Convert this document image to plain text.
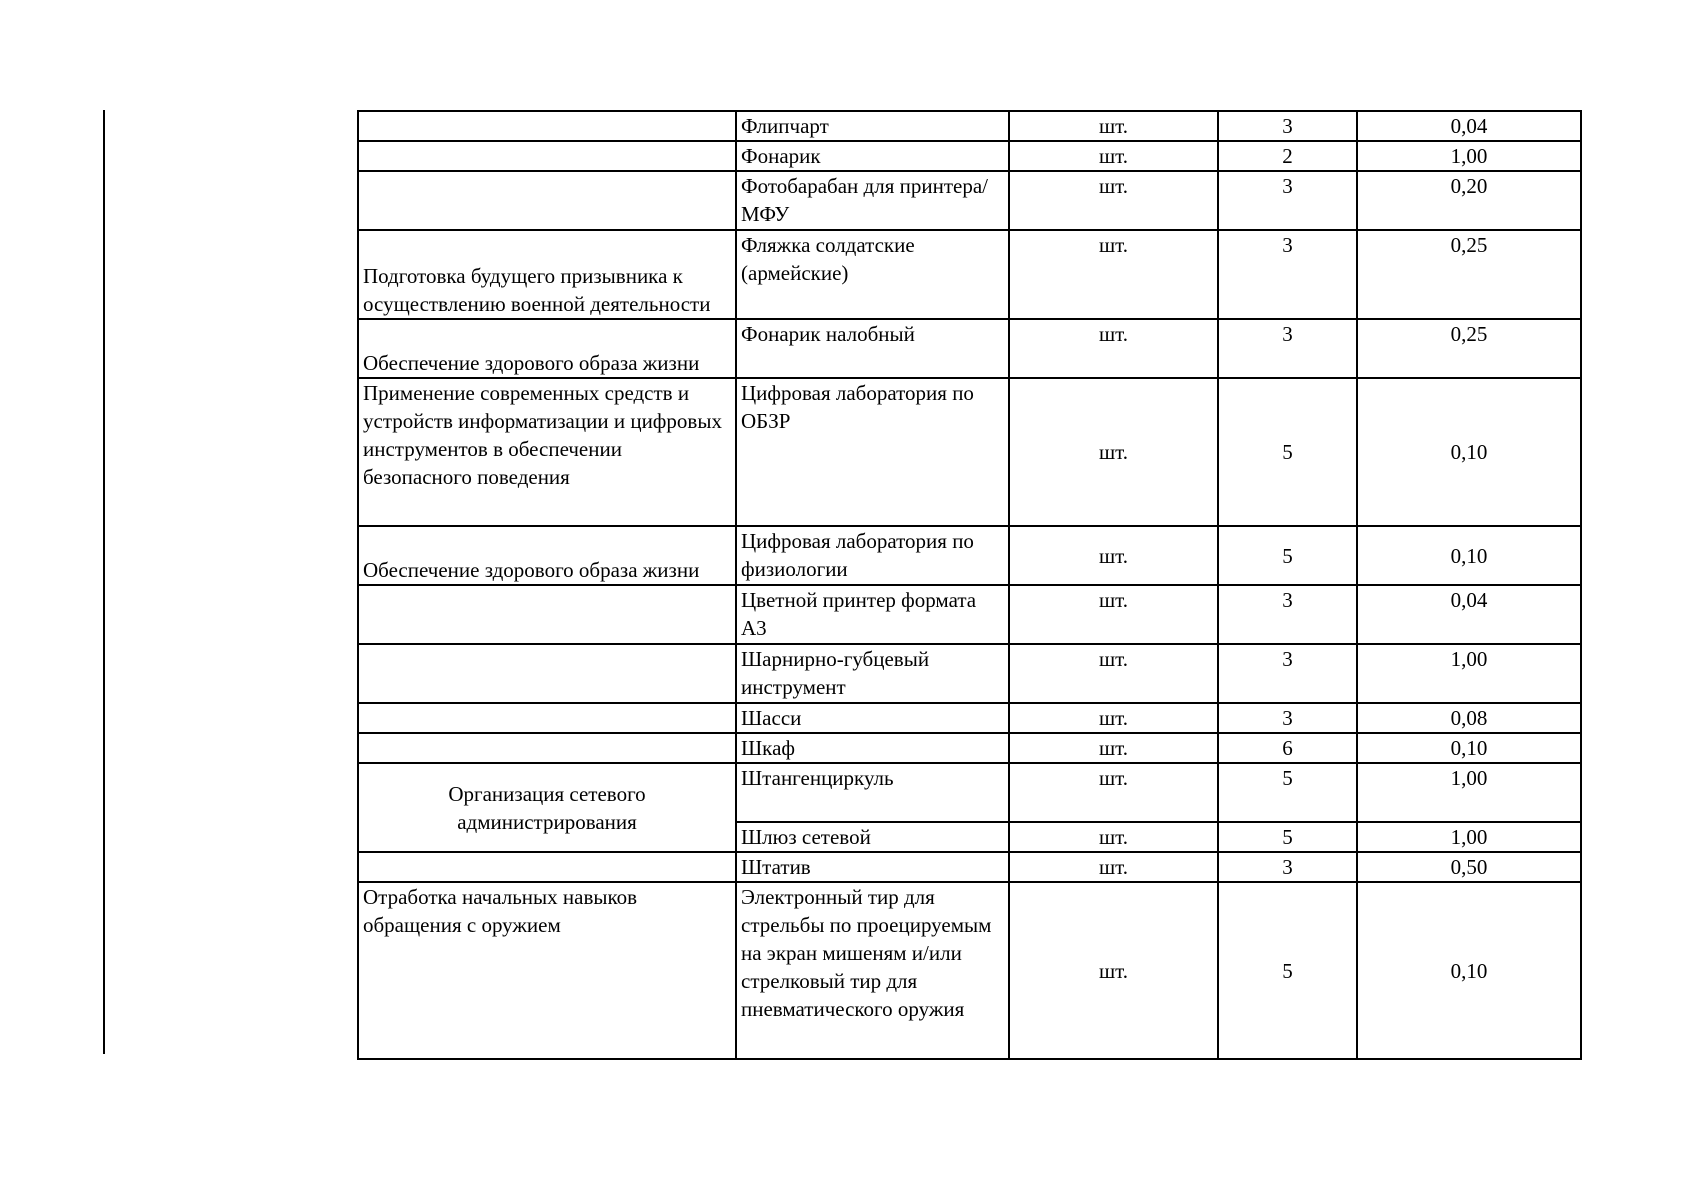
	Флипчарт	шт.	3	0,04
	Фонарик	шт.	2	1,00
	Фотобарабан для принтера/МФУ	шт.	3	0,20
Подготовка будущего призывника к осуществлению военной деятельности	Фляжка солдатские (армейские)	шт.	3	0,25
Обеспечение здорового образа жизни	Фонарик налобный	шт.	3	0,25
Применение современных средств и устройств информатизации и цифровых инструментов в обеспечении безопасного поведения	Цифровая лаборатория по ОБЗР	шт.	5	0,10
Обеспечение здорового образа жизни	Цифровая лаборатория по физиологии	шт.	5	0,10
	Цветной принтер формата А3	шт.	3	0,04
	Шарнирно-губцевый инструмент	шт.	3	1,00
	Шасси	шт.	3	0,08
	Шкаф	шт.	6	0,10
Организация сетевого администрирования	Штангенциркуль	шт.	5	1,00
	Шлюз сетевой	шт.	5	1,00
	Штатив	шт.	3	0,50
Отработка начальных навыков обращения с оружием	Электронный тир для стрельбы по проецируемым на экран мишеням и/или стрелковый тир для пневматического оружия	шт.	5	0,10
